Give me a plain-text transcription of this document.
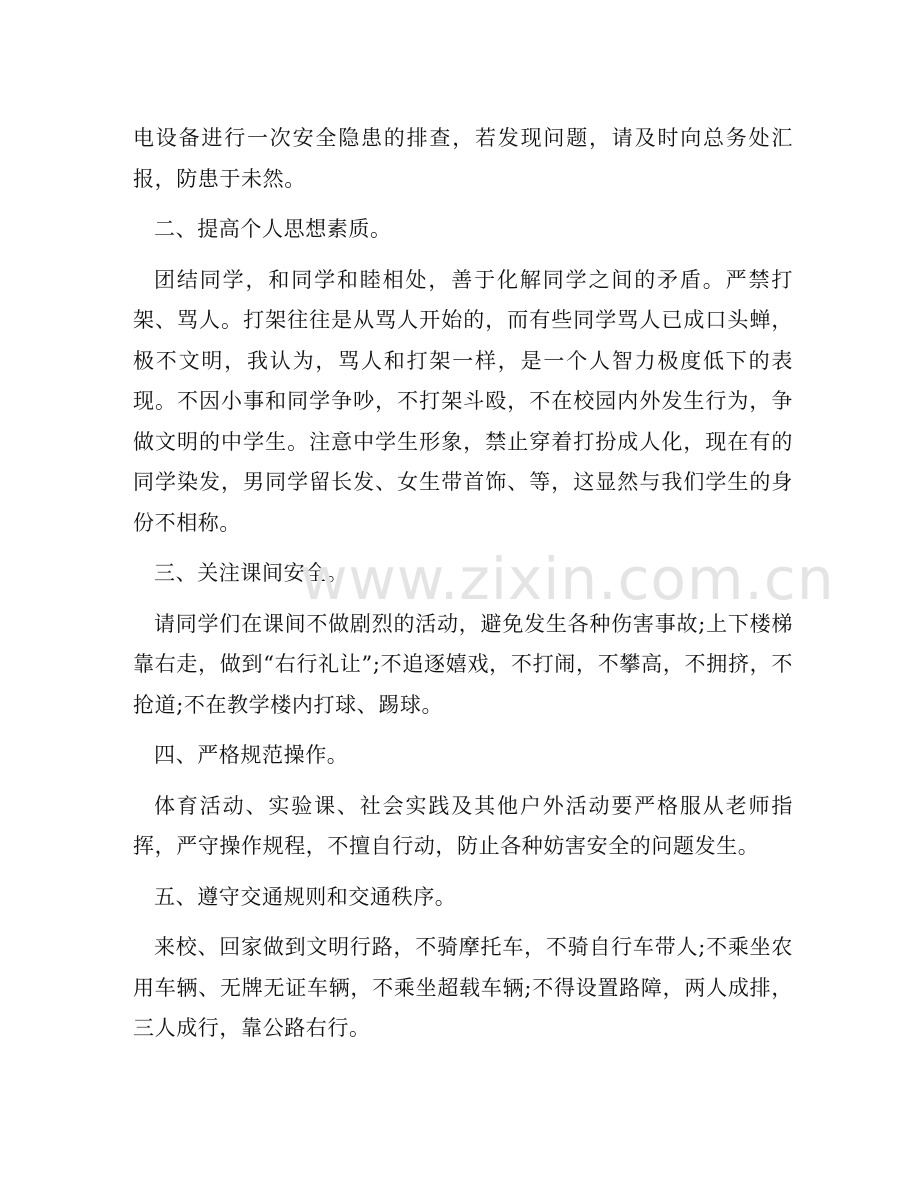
电设备进行一次安全隐患的排查，若发现问题，请及时向总务处汇报，防患于未然。

二、提高个人思想素质。

团结同学，和同学和睦相处，善于化解同学之间的矛盾。严禁打架、骂人。打架往往是从骂人开始的，而有些同学骂人已成口头蝉，极不文明，我认为，骂人和打架一样，是一个人智力极度低下的表现。不因小事和同学争吵，不打架斗殴，不在校园内外发生行为，争做文明的中学生。注意中学生形象，禁止穿着打扮成人化，现在有的同学染发，男同学留长发、女生带首饰、等，这显然与我们学生的身份不相称。

三、关注课间安全。

请同学们在课间不做剧烈的活动，避免发生各种伤害事故;上下楼梯靠右走，做到“右行礼让”;不追逐嬉戏，不打闹，不攀高，不拥挤，不抢道;不在教学楼内打球、踢球。

四、严格规范操作。

体育活动、实验课、社会实践及其他户外活动要严格服从老师指挥，严守操作规程，不擅自行动，防止各种妨害安全的问题发生。

五、遵守交通规则和交通秩序。

来校、回家做到文明行路，不骑摩托车，不骑自行车带人;不乘坐农用车辆、无牌无证车辆，不乘坐超载车辆;不得设置路障，两人成排，三人成行，靠公路右行。

www.zixin.com.cn
